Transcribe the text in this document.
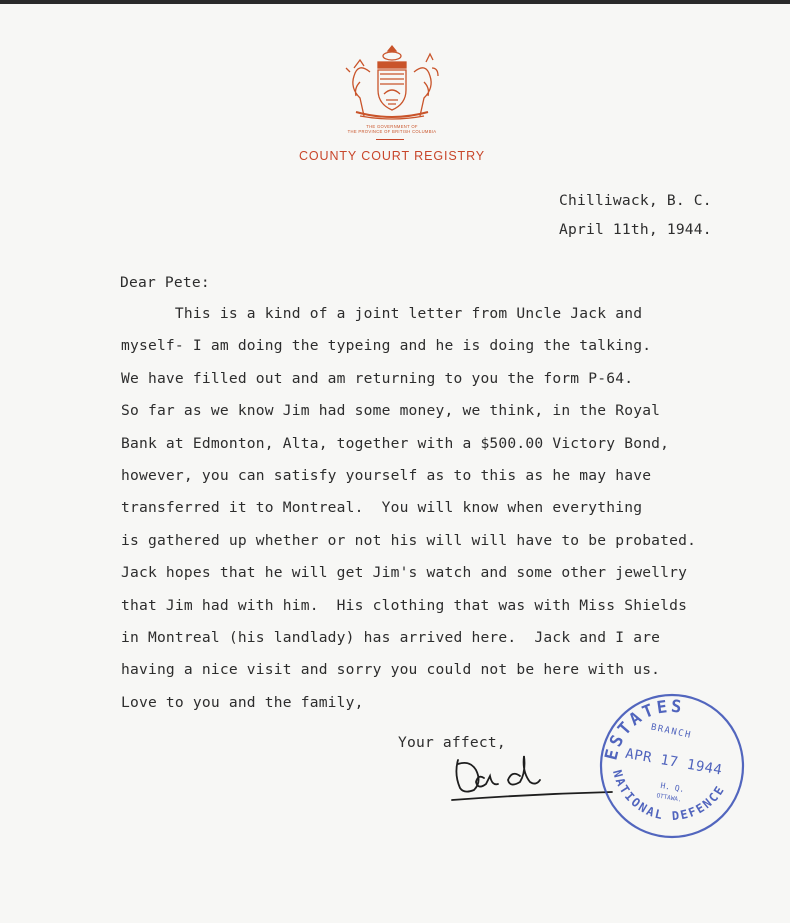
THE GOVERNMENT OF
THE PROVINCE OF BRITISH COLUMBIA
COUNTY COURT REGISTRY
Chilliwack, B. C.
April 11th, 1944.
Dear Pete:
This is a kind of a joint letter from Uncle Jack and
myself- I am doing the typeing and he is doing the talking.
We have filled out and am returning to you the form P-64.
So far as we know Jim had some money, we think, in the Royal
Bank at Edmonton, Alta, together with a $500.00 Victory Bond,
however, you can satisfy yourself as to this as he may have
transferred it to Montreal.  You will know when everything
is gathered up whether or not his will will have to be probated.
Jack hopes that he will get Jim's watch and some other jewellry
that Jim had with him.  His clothing that was with Miss Shields
in Montreal (his landlady) has arrived here.  Jack and I are
having a nice visit and sorry you could not be here with us.
Love to you and the family,
Your affect,
ESTATES
BRANCH
APR 17 1944
H. Q.
OTTAWA.
NATIONAL DEFENCE
